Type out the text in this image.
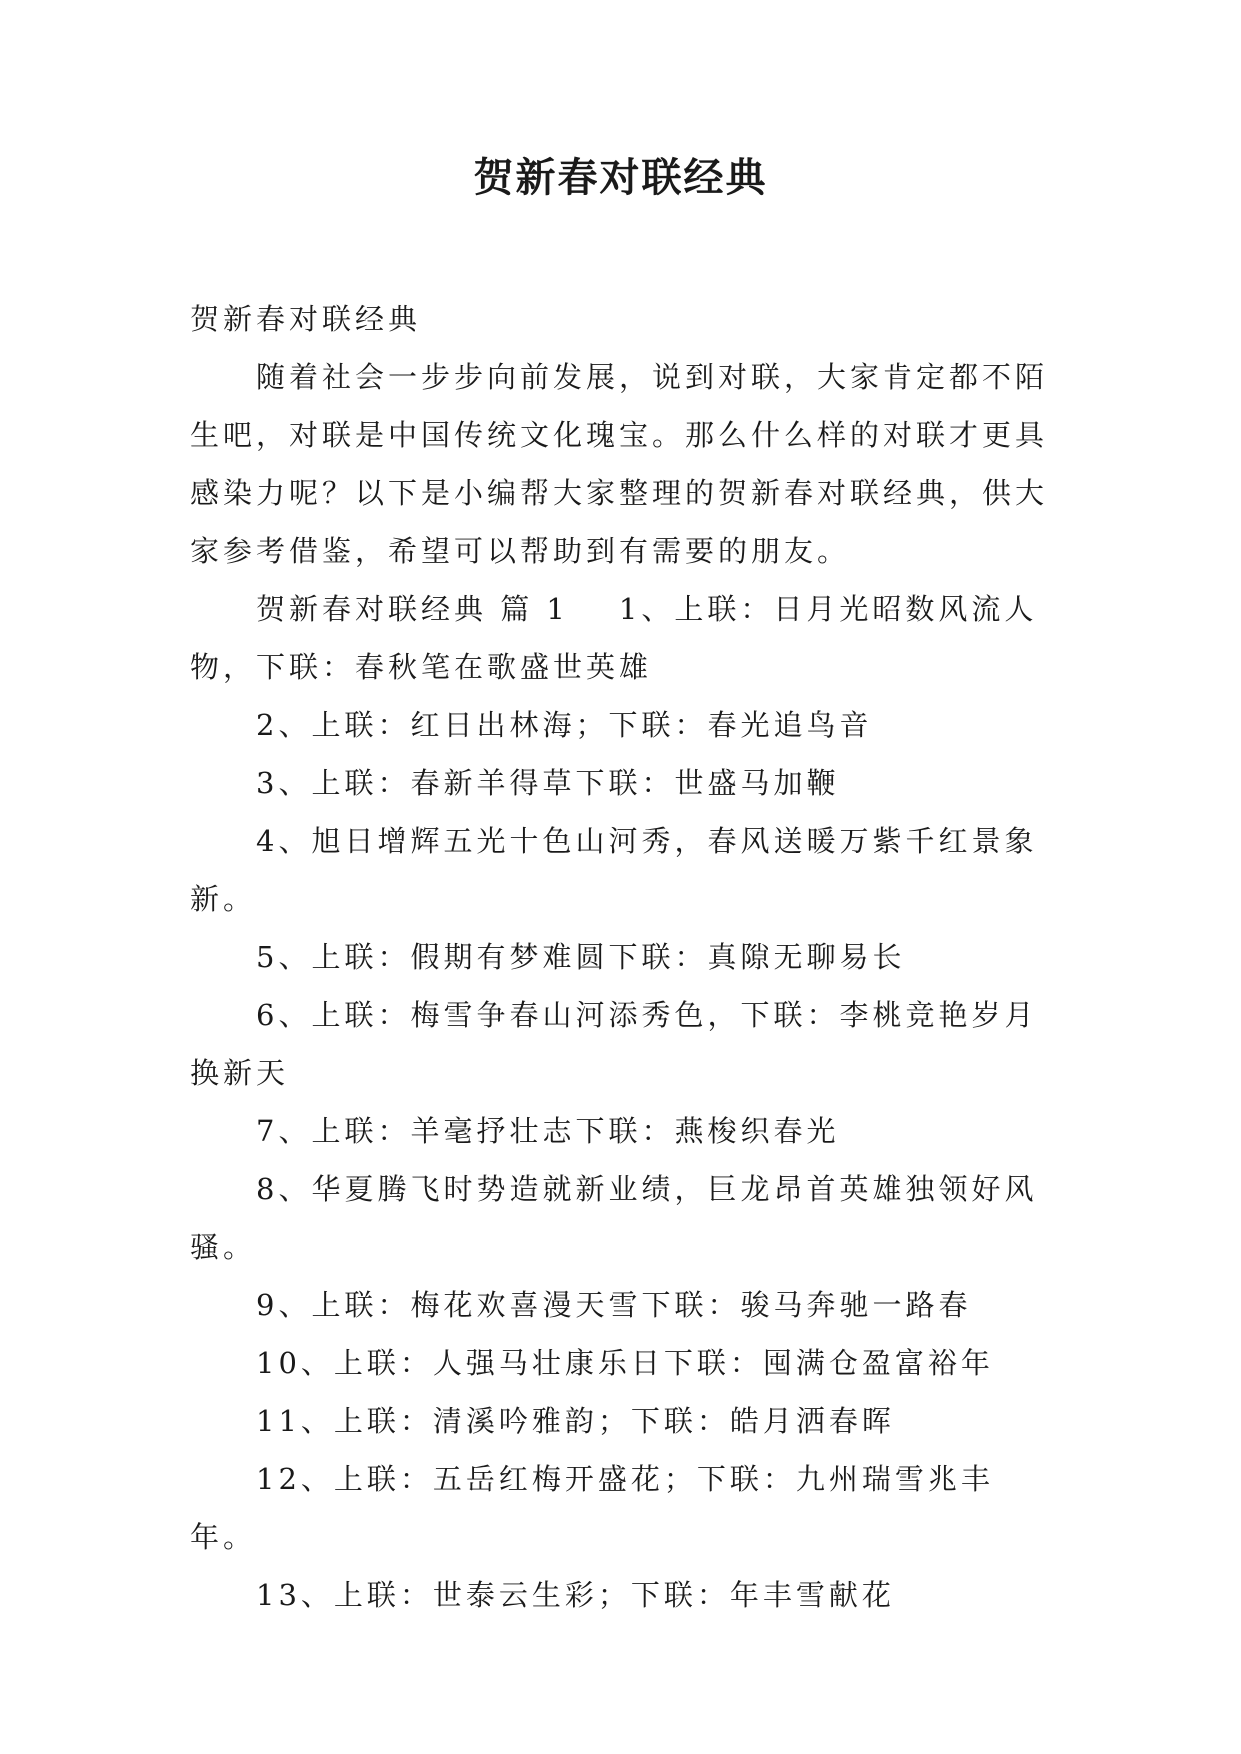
贺新春对联经典

贺新春对联经典

随着社会一步步向前发展，说到对联，大家肯定都不陌生吧，对联是中国传统文化瑰宝。那么什么样的对联才更具感染力呢？以下是小编帮大家整理的贺新春对联经典，供大家参考借鉴，希望可以帮助到有需要的朋友。

贺新春对联经典 篇 1 1、上联：日月光昭数风流人物，下联：春秋笔在歌盛世英雄

2、上联：红日出林海；下联：春光追鸟音

3、上联：春新羊得草下联：世盛马加鞭

4、旭日增辉五光十色山河秀，春风送暖万紫千红景象新。

5、上联：假期有梦难圆下联：真隙无聊易长

6、上联：梅雪争春山河添秀色，下联：李桃竞艳岁月换新天

7、上联：羊毫抒壮志下联：燕梭织春光

8、华夏腾飞时势造就新业绩，巨龙昂首英雄独领好风骚。

9、上联：梅花欢喜漫天雪下联：骏马奔驰一路春

10、上联：人强马壮康乐日下联：囤满仓盈富裕年

11、上联：清溪吟雅韵；下联：皓月洒春晖

12、上联：五岳红梅开盛花；下联：九州瑞雪兆丰年。

13、上联：世泰云生彩；下联：年丰雪献花
